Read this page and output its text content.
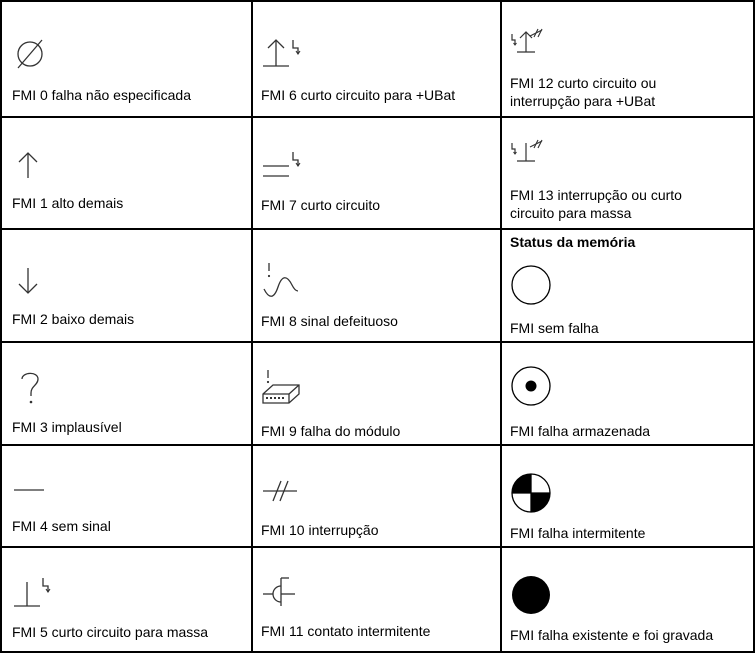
FMI 0 falha não especificada
FMI 1 alto demais
FMI 2 baixo demais
FMI 3 implausível
FMI 4 sem sinal
FMI 5 curto circuito para massa
FMI 6 curto circuito para +UBat
FMI 7 curto circuito
FMI 8 sinal defeituoso
FMI 9 falha do módulo
FMI 10 interrupção
FMI 11 contato intermitente
FMI 12 curto circuito ou
interrupção para +UBat
FMI 13 interrupção ou curto
circuito para massa
Status da memória
FMI sem falha
FMI falha armazenada
FMI falha intermitente
FMI falha existente e foi gravada
